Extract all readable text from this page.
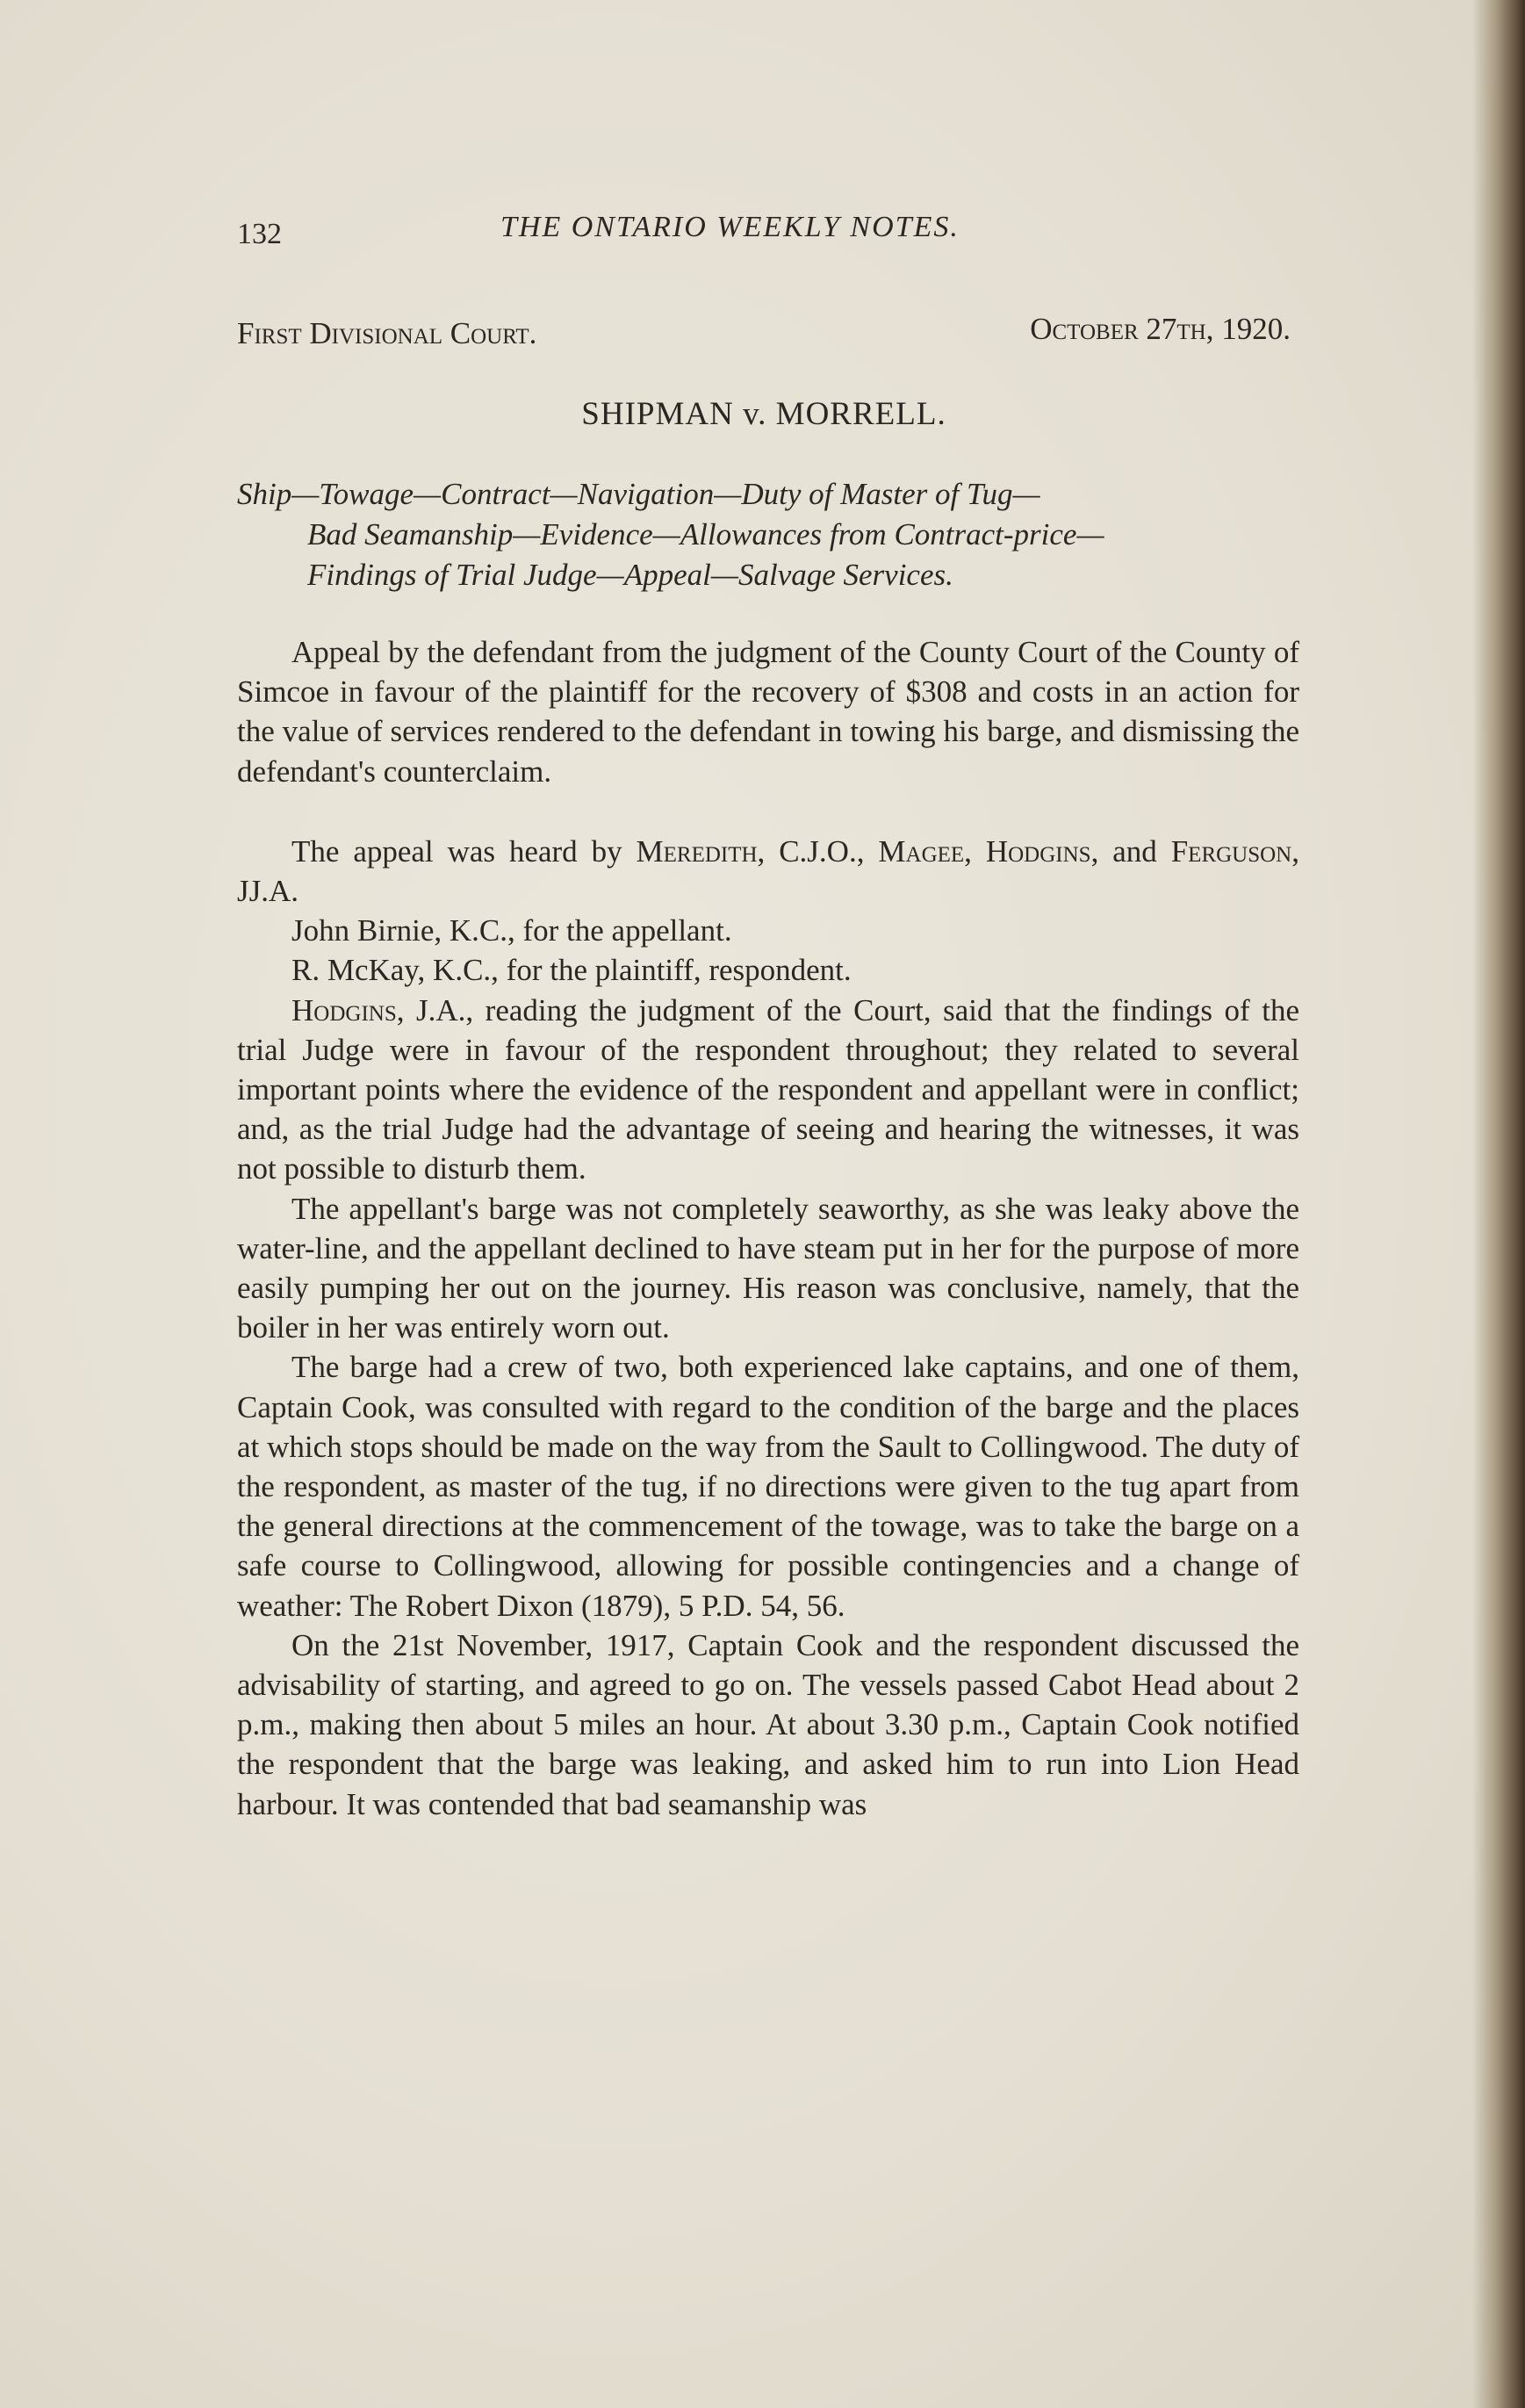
132	THE ONTARIO WEEKLY NOTES.
First Divisional Court.	October 27th, 1920.
SHIPMAN v. MORRELL.
Ship—Towage—Contract—Navigation—Duty of Master of Tug—
Bad Seamanship—Evidence—Allowances from Contract-price—
Findings of Trial Judge—Appeal—Salvage Services.

Appeal by the defendant from the judgment of the County Court of the County of Simcoe in favour of the plaintiff for the recovery of $308 and costs in an action for the value of services rendered to the defendant in towing his barge, and dismissing the defendant's counterclaim.

The appeal was heard by Meredith, C.J.O., Magee, Hodgins, and Ferguson, JJ.A.

John Birnie, K.C., for the appellant.

R. McKay, K.C., for the plaintiff, respondent.

Hodgins, J.A., reading the judgment of the Court, said that the findings of the trial Judge were in favour of the respondent throughout; they related to several important points where the evidence of the respondent and appellant were in conflict; and, as the trial Judge had the advantage of seeing and hearing the witnesses, it was not possible to disturb them.

The appellant's barge was not completely seaworthy, as she was leaky above the water-line, and the appellant declined to have steam put in her for the purpose of more easily pumping her out on the journey. His reason was conclusive, namely, that the boiler in her was entirely worn out.

The barge had a crew of two, both experienced lake captains, and one of them, Captain Cook, was consulted with regard to the condition of the barge and the places at which stops should be made on the way from the Sault to Collingwood. The duty of the respondent, as master of the tug, if no directions were given to the tug apart from the general directions at the commencement of the towage, was to take the barge on a safe course to Collingwood, allowing for possible contingencies and a change of weather: The Robert Dixon (1879), 5 P.D. 54, 56.

On the 21st November, 1917, Captain Cook and the respondent discussed the advisability of starting, and agreed to go on. The vessels passed Cabot Head about 2 p.m., making then about 5 miles an hour. At about 3.30 p.m., Captain Cook notified the respondent that the barge was leaking, and asked him to run into Lion Head harbour. It was contended that bad seamanship was
